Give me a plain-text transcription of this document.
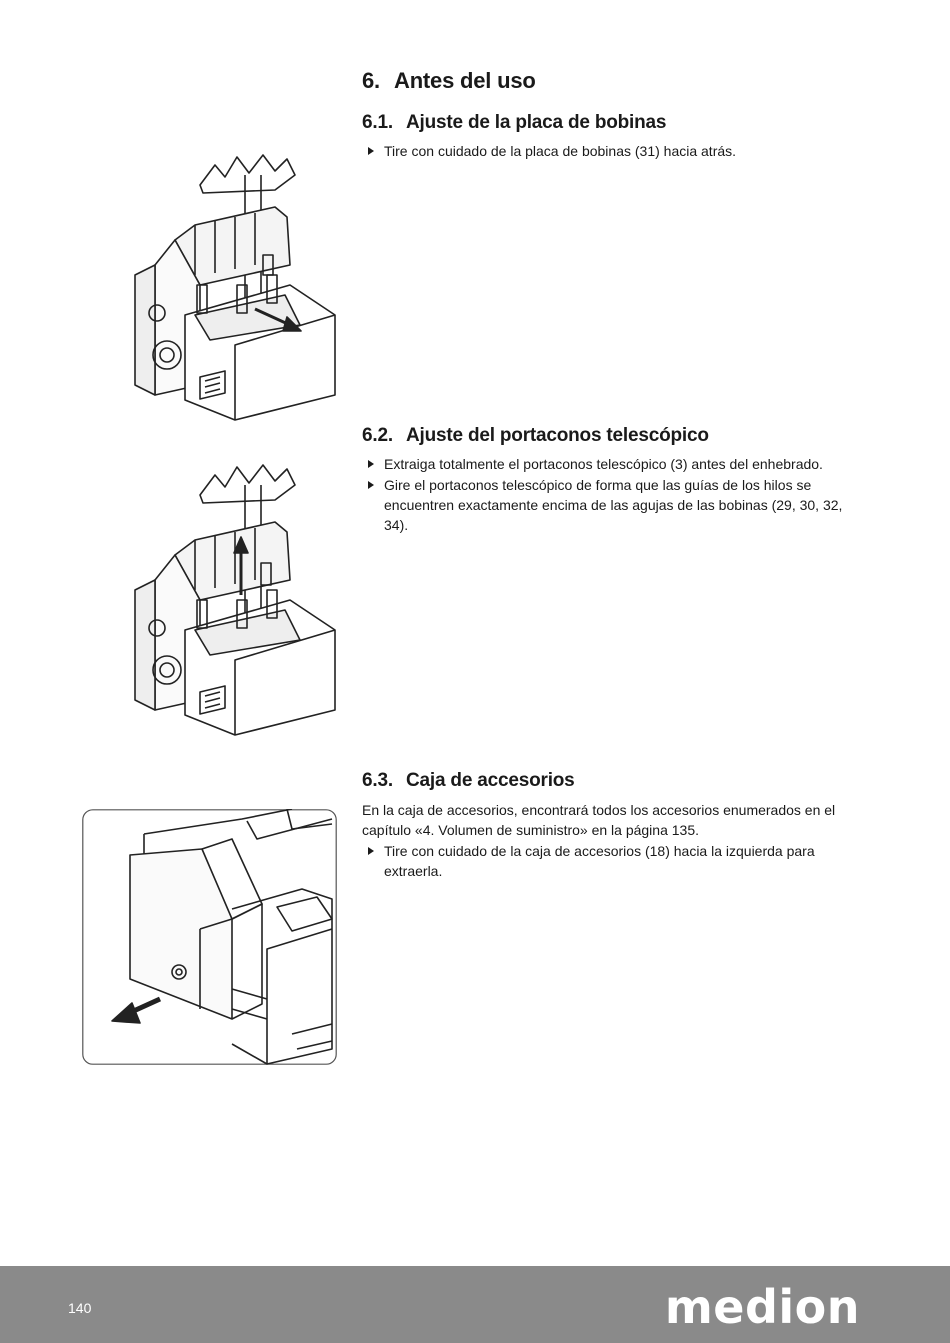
6. Antes del uso
6.1. Ajuste de la placa de bobinas
Tire con cuidado de la placa de bobinas (31) hacia atrás.
6.2. Ajuste del portaconos telescópico
Extraiga totalmente el portaconos telescópico (3) antes del enhebrado.
Gire el portaconos telescópico de forma que las guías de los hilos se encuentren exactamente encima de las agujas de las bobinas (29, 30, 32, 34).
6.3. Caja de accesorios

En la caja de accesorios, encontrará todos los accesorios enumerados en el capítulo «4. Volumen de suministro» en la página 135.

Tire con cuidado de la caja de accesorios (18) hacia la izquierda para extraerla.
140	medion
